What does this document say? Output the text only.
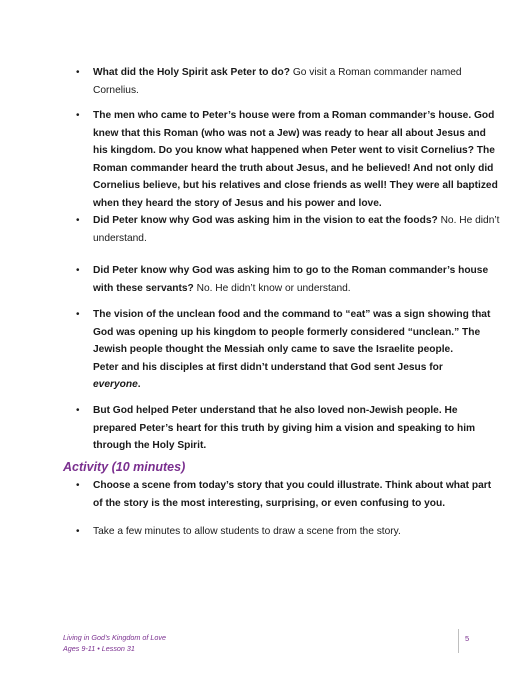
• What did the Holy Spirit ask Peter to do? Go visit a Roman commander named Cornelius.
• The men who came to Peter’s house were from a Roman commander’s house. God knew that this Roman (who was not a Jew) was ready to hear all about Jesus and his kingdom. Do you know what happened when Peter went to visit Cornelius? The Roman commander heard the truth about Jesus, and he believed! And not only did Cornelius believe, but his relatives and close friends as well! They were all baptized when they heard the story of Jesus and his power and love.
• Did Peter know why God was asking him in the vision to eat the foods? No. He didn’t understand.
• Did Peter know why God was asking him to go to the Roman commander’s house with these servants? No. He didn’t know or understand.
• The vision of the unclean food and the command to “eat” was a sign showing that God was opening up his kingdom to people formerly considered “unclean.” The Jewish people thought the Messiah only came to save the Israelite people.
Peter and his disciples at first didn’t understand that God sent Jesus for
everyone.
• But God helped Peter understand that he also loved non-Jewish people. He prepared Peter’s heart for this truth by giving him a vision and speaking to him through the Holy Spirit.
Activity (10 minutes)
• Choose a scene from today’s story that you could illustrate. Think about what part of the story is the most interesting, surprising, or even confusing to you.
• Take a few minutes to allow students to draw a scene from the story.
Living in God’s Kingdom of Love
Ages 9-11 • Lesson 31
5
